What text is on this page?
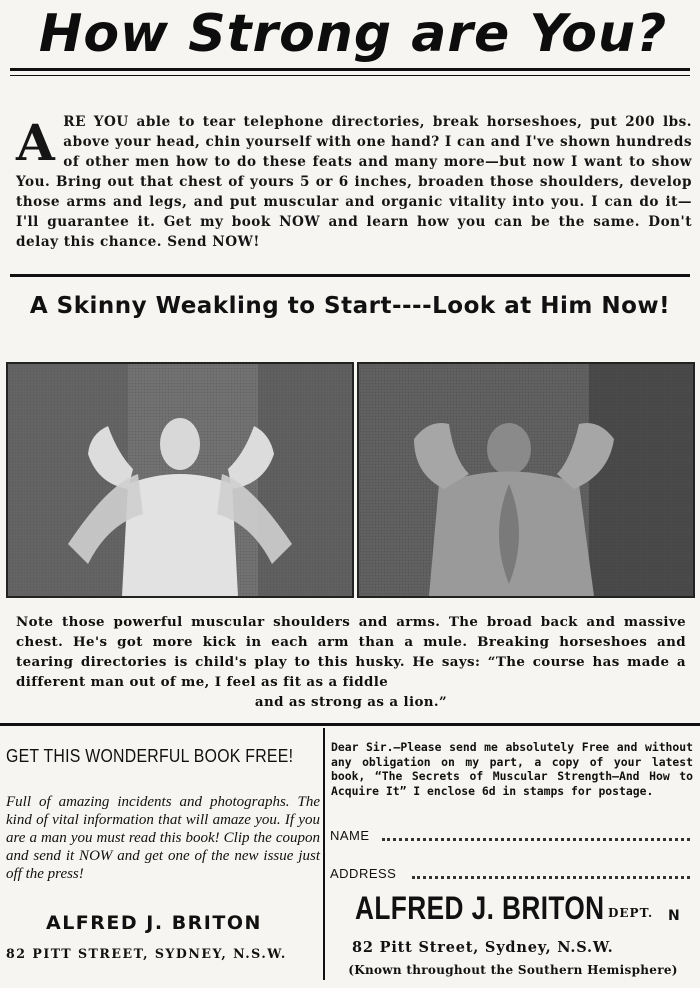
How Strong are You?
A RE YOU able to tear telephone directories, break horseshoes, put 200 lbs. above your head, chin yourself with one hand? I can and I've shown hundreds of other men how to do these feats and many more—but now I want to show You. Bring out that chest of yours 5 or 6 inches, broaden those shoulders, develop those arms and legs, and put muscular and organic vitality into you. I can do it—I'll guarantee it. Get my book NOW and learn how you can be the same. Don't delay this chance. Send NOW!
A Skinny Weakling to Start----Look at Him Now!
Note those powerful muscular shoulders and arms. The broad back and massive chest. He's got more kick in each arm than a mule. Breaking horseshoes and tearing directories is child's play to this husky. He says: “The course has made a different man out of me, I feel as fit as a fiddle
and as strong as a lion.”
GET THIS WONDERFUL BOOK FREE!
Full of amazing incidents and photographs. The kind of vital information that will amaze you. If you are a man you must read this book! Clip the coupon and send it NOW and get one of the new issue just off the press!
ALFRED J. BRITON
82 PITT STREET, SYDNEY, N.S.W.
Dear Sir.—Please send me absolutely Free and without any obligation on my part, a copy of your latest book, “The Secrets of Muscular Strength—And How to Acquire It” I enclose 6d in stamps for postage.
NAME
ADDRESS
ALFRED J. BRITON DEPT. N
82 Pitt Street, Sydney, N.S.W.
(Known throughout the Southern Hemisphere)
